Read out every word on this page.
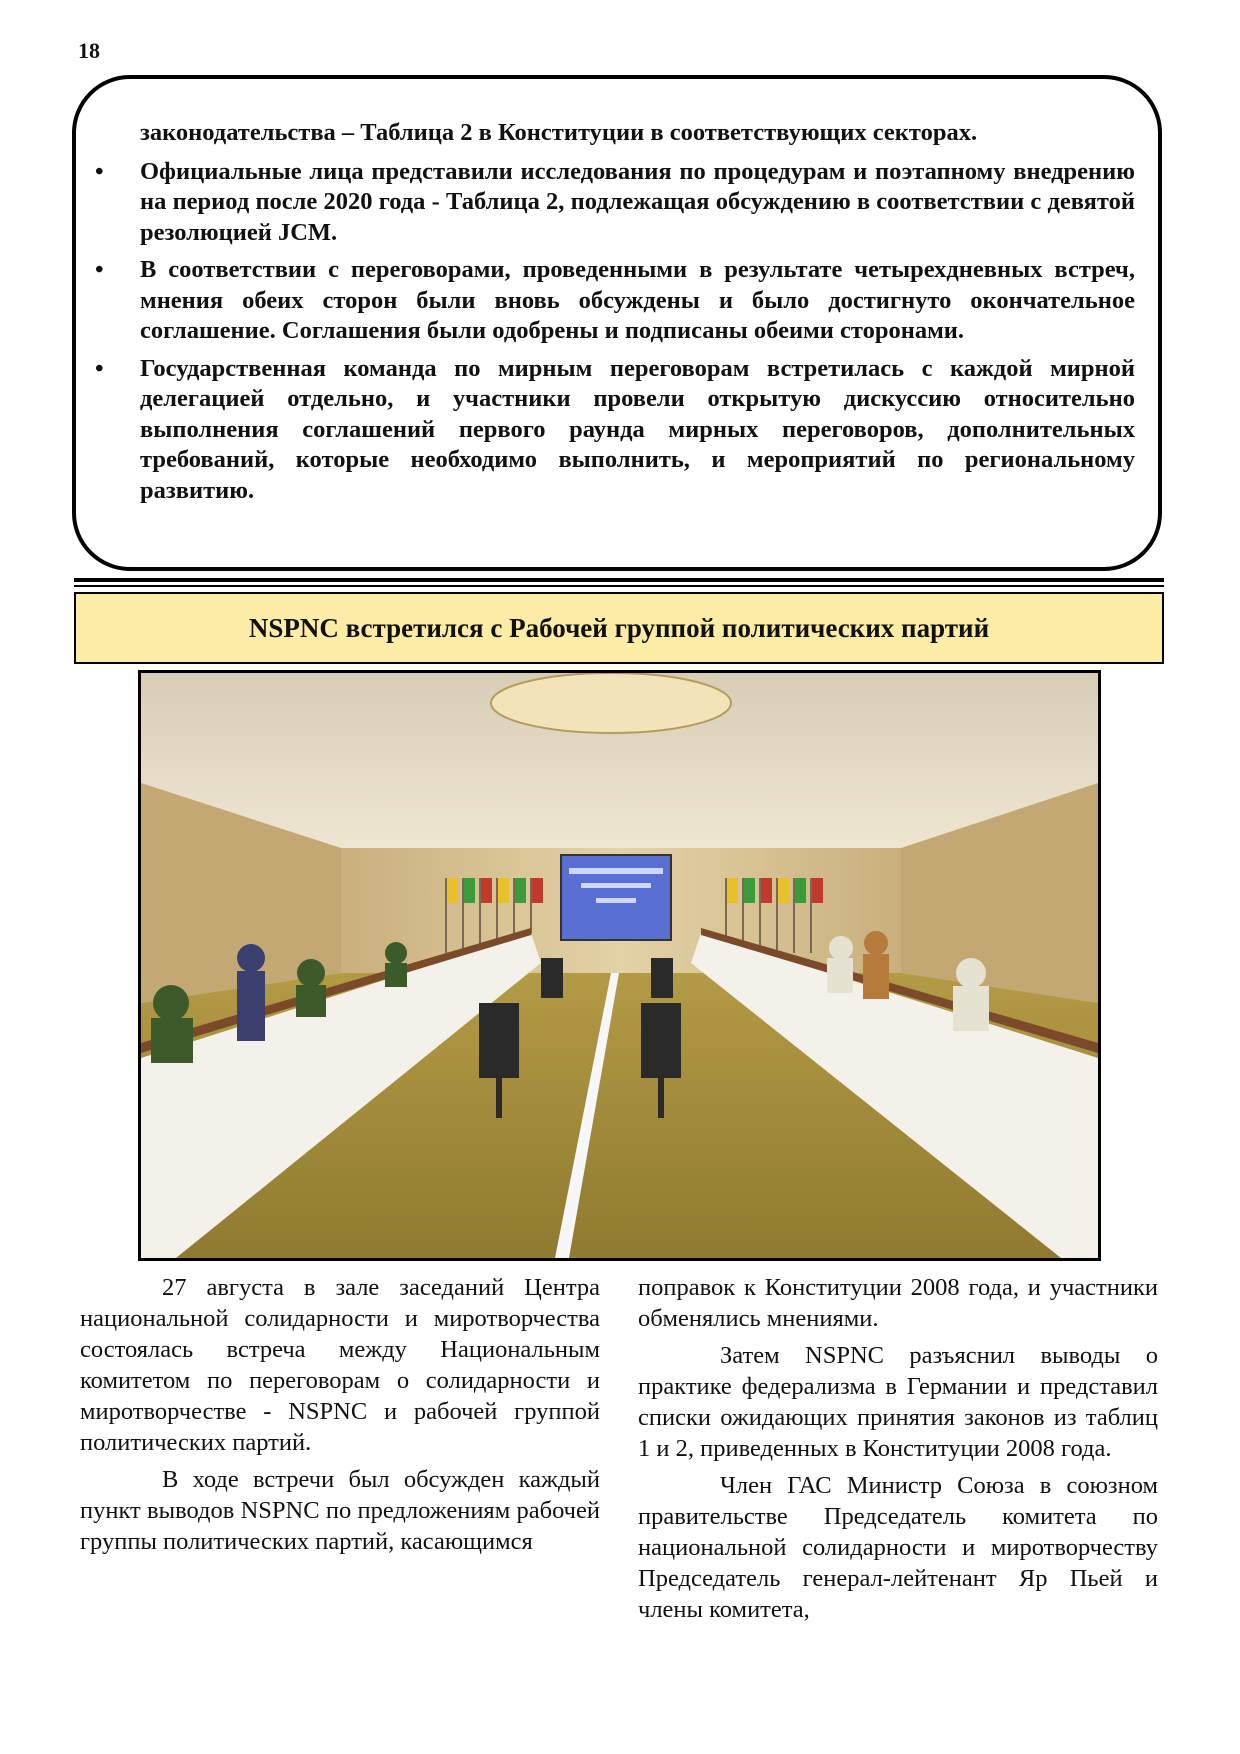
18

законодательства – Таблица 2 в Конституции в соответствующих секторах.

•	Официальные лица представили исследования по процедурам и поэтапному внедрению на период после 2020 года - Таблица 2, подлежащая обсуждению в соответствии с девятой резолюцией JCM.
•	В соответствии с переговорами, проведенными в результате четырехдневных встреч, мнения обеих сторон были вновь обсуждены и было достигнуто окончательное соглашение. Соглашения были одобрены и подписаны обеими сторонами.
•	Государственная команда по мирным переговорам встретилась с каждой мирной делегацией отдельно, и участники провели открытую дискуссию относительно выполнения соглашений первого раунда мирных переговоров, дополнительных требований, которые необходимо выполнить, и мероприятий по региональному развитию.
NSPNC встретился с Рабочей группой политических партий

27 августа в зале заседаний Центра национальной солидарности и миротворчества состоялась встреча между Национальным комитетом по переговорам о солидарности и миротворчестве - NSPNC и рабочей группой политических партий.

В ходе встречи был обсужден каждый пункт выводов NSPNC по предложениям рабочей группы политических партий, касающимся

поправок к Конституции 2008 года, и участники обменялись мнениями.

Затем NSPNC разъяснил выводы о практике федерализма в Германии и представил списки ожидающих принятия законов из таблиц 1 и 2, приведенных в Конституции 2008 года.

Член ГАС Министр Союза в союзном правительстве Председатель комитета по национальной солидарности и миротворчеству Председатель генерал-лейтенант Яр Пьей и члены комитета,
